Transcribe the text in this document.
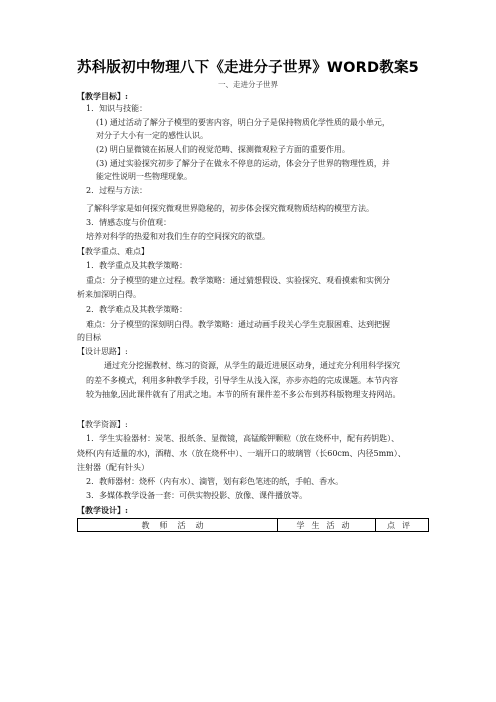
苏科版初中物理八下《走进分子世界》WORD教案5
一、走进分子世界
【教学目标】:
1．知识与技能：
(1) 通过活动了解分子模型的要害内容，明白分子是保持物质化学性质的最小单元，
对分子大小有一定的感性认识。
(2) 明白显微镜在拓展人们的视觉范畴、探测微观粒子方面的重要作用。
(3) 通过实验探究初步了解分子在做永不停息的运动，体会分子世界的物理性质，并
能定性说明一些物理现象。
2．过程与方法：
了解科学家是如何探究微观世界隐秘的，初步体会探究微观物质结构的模型方法。
3．情感态度与价值观：
培养对科学的热爱和对我们生存的空间探究的欲望。
【教学重点、难点】
1．教学重点及其教学策略：
重点：分子模型的建立过程。教学策略：通过猜想假设、实验探究、观看摸索和实例分
析来加深明白得。
2．教学难点及其教学策略：
难点：分子模型的深刻明白得。教学策略：通过动画手段关心学生克服困难、达到把握
的目标
【设计思路】:
通过充分挖掘教材、练习的资源，从学生的最近进展区动身，通过充分利用科学探究
的差不多模式，利用多种教学手段，引导学生从浅入深，亦步亦趋的完成课题。本节内容
较为抽象,因此课件就有了用武之地。本节的所有课件差不多公布到苏科版物理支持网站。
【教学资源】:
1．学生实验器材：炭笔、报纸条、显微镜，高锰酸钾颗粒（放在烧杯中，配有药钥匙）、
烧杯(内有适量的水)，酒精、水（放在烧杯中）、一端开口的玻璃管（长60cm、内径5mm）、
注射器（配有针头）
2．教师器材：烧杯（内有水）、滴管，划有彩色笔迹的纸，手帕、香水。
3．多媒体教学设备一套：可供实物投影、放像、课件播放等。
【教学设计】:
教师活动	学生活动	点评
